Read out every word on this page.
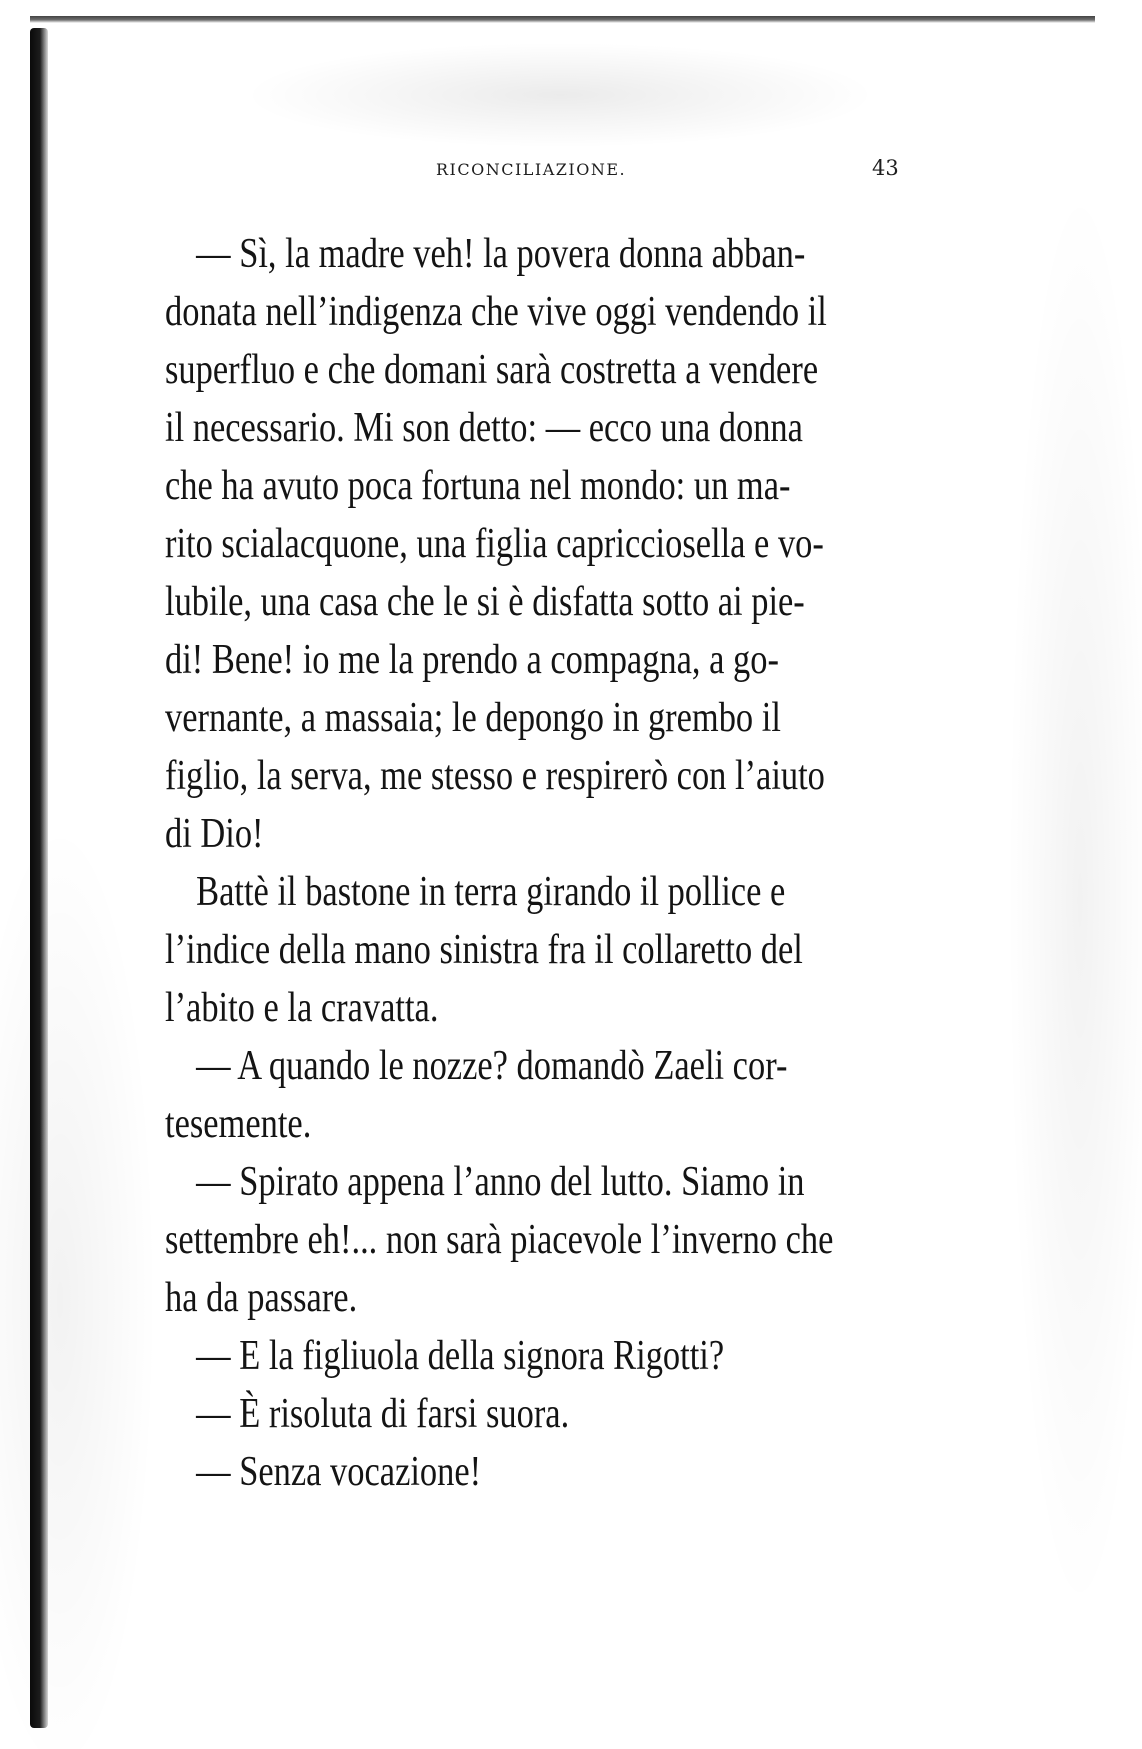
RICONCILIAZIONE.	43
— Sì, la madre veh! la povera donna abban-
donata nell’indigenza che vive oggi vendendo il
superfluo e che domani sarà costretta a vendere
il necessario. Mi son detto: — ecco una donna
che ha avuto poca fortuna nel mondo: un ma-
rito scialacquone, una figlia capricciosella e vo-
lubile, una casa che le si è disfatta sotto ai pie-
di! Bene! io me la prendo a compagna, a go-
vernante, a massaia; le depongo in grembo il
figlio, la serva, me stesso e respirerò con l’aiuto
di Dio!
Battè il bastone in terra girando il pollice e
l’indice della mano sinistra fra il collaretto del
l’abito e la cravatta.
— A quando le nozze? domandò Zaeli cor-
tesemente.
— Spirato appena l’anno del lutto. Siamo in
settembre eh!... non sarà piacevole l’inverno che
ha da passare.
— E la figliuola della signora Rigotti?
— È risoluta di farsi suora.
— Senza vocazione!
